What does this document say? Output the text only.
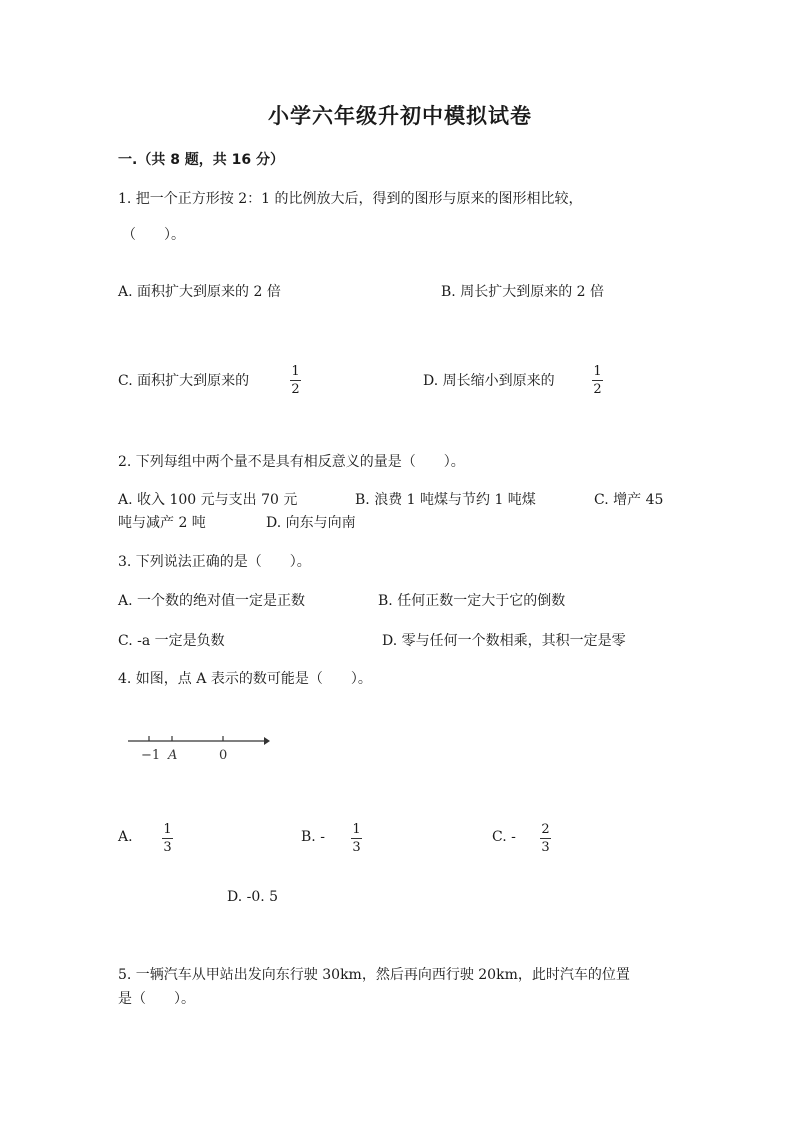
小学六年级升初中模拟试卷
一.（共 8 题，共 16 分）
1. 把一个正方形按 2：1 的比例放大后，得到的图形与原来的图形相比较，
（　　）。
A. 面积扩大到原来的 2 倍	B. 周长扩大到原来的 2 倍
C. 面积扩大到原来的
1
2
D. 周长缩小到原来的
1
2
2. 下列每组中两个量不是具有相反意义的量是（　　）。
A. 收入 100 元与支出 70 元	B. 浪费 1 吨煤与节约 1 吨煤	C. 增产 45
吨与减产 2 吨	D. 向东与向南
3. 下列说法正确的是（　　）。
A. 一个数的绝对值一定是正数	B. 任何正数一定大于它的倒数
C. -a 一定是负数	D. 零与任何一个数相乘，其积一定是零
4. 如图，点 A 表示的数可能是（　　）。
−1 A	0
A. 1
3
B. - 1
3
C. - 2
3
D. -0. 5
5. 一辆汽车从甲站出发向东行驶 30km，然后再向西行驶 20km，此时汽车的位置
是（　　）。
